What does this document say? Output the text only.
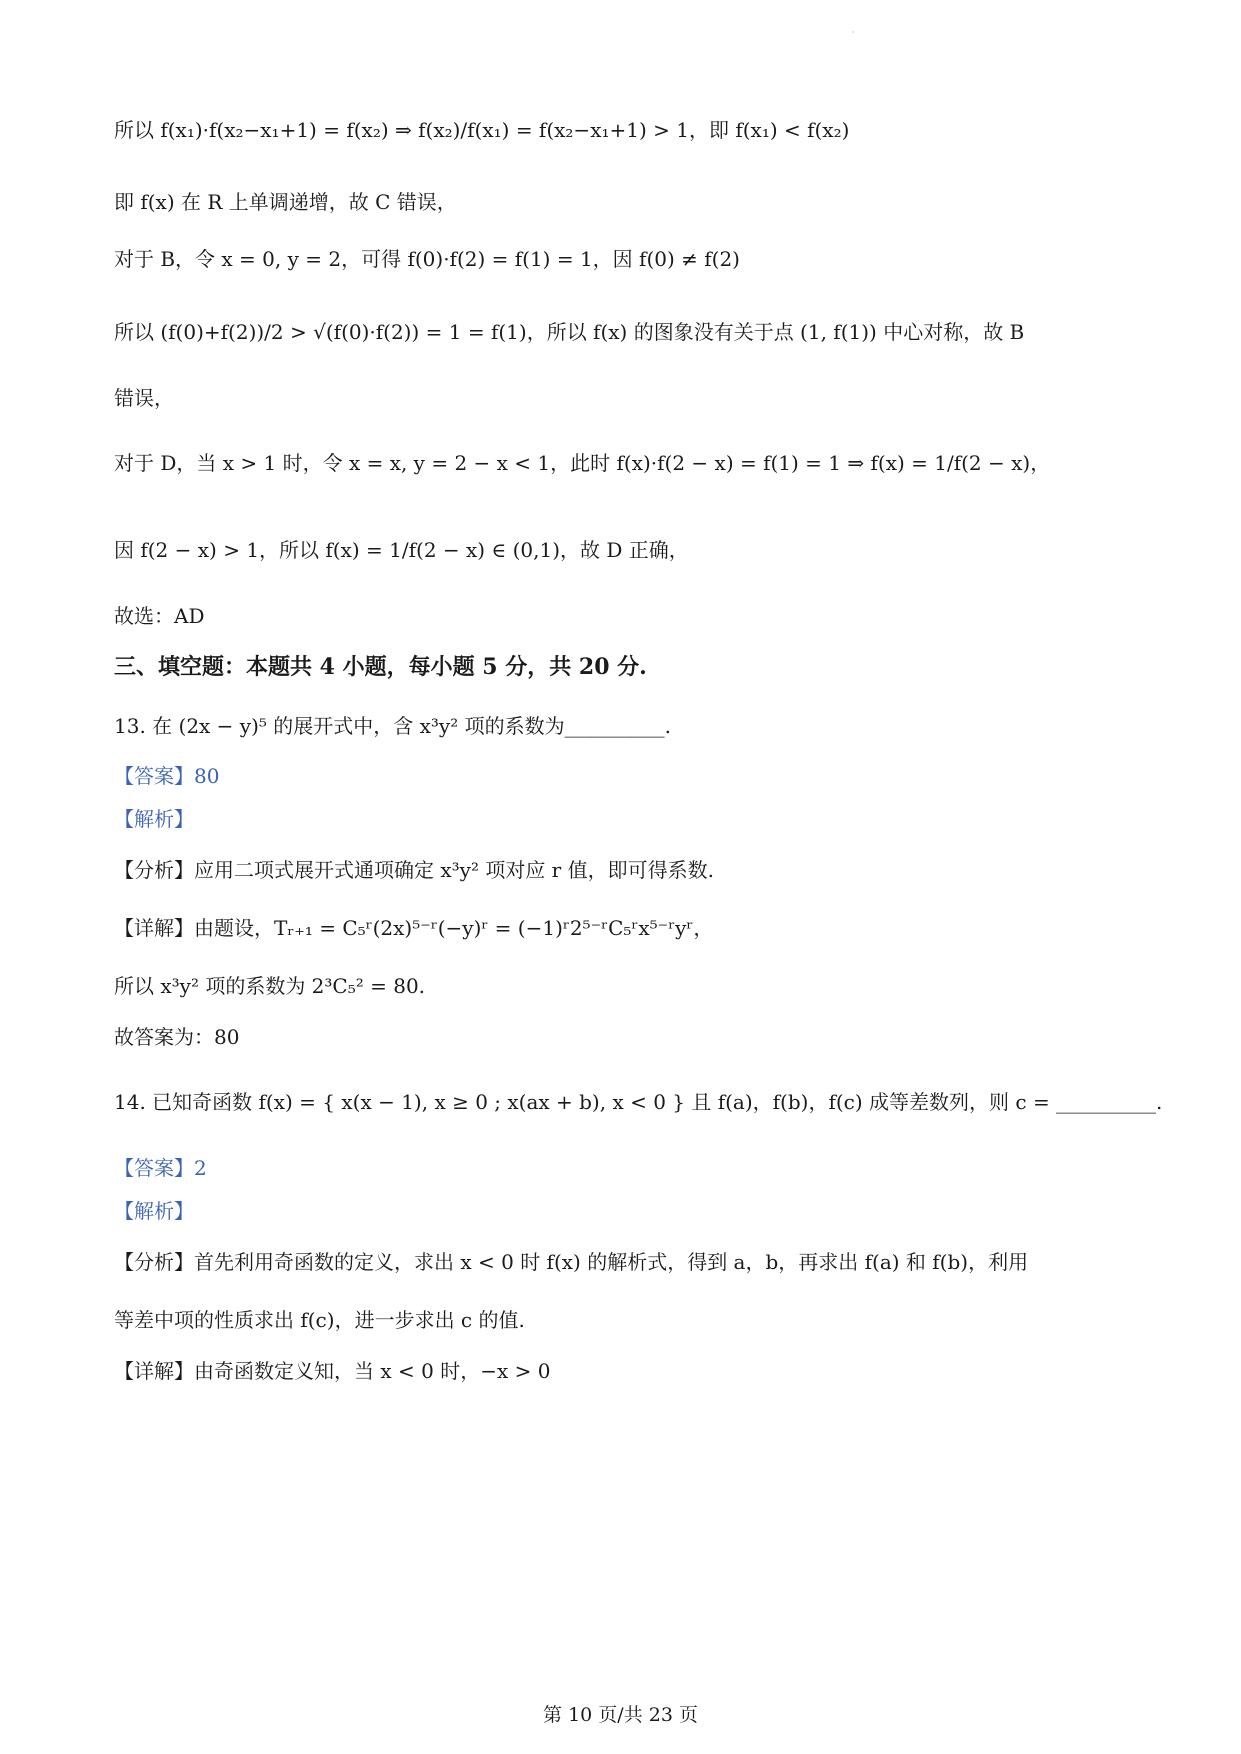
·
所以 f(x₁)·f(x₂−x₁+1) = f(x₂) ⇒ f(x₂)/f(x₁) = f(x₂−x₁+1) > 1，即 f(x₁) < f(x₂)
即 f(x) 在 R 上单调递增，故 C 错误，
对于 B，令 x = 0, y = 2，可得 f(0)·f(2) = f(1) = 1，因 f(0) ≠ f(2)
所以 (f(0)+f(2))/2 > √(f(0)·f(2)) = 1 = f(1)，所以 f(x) 的图象没有关于点 (1, f(1)) 中心对称，故 B
错误，
对于 D，当 x > 1 时，令 x = x, y = 2 − x < 1，此时 f(x)·f(2 − x) = f(1) = 1 ⇒ f(x) = 1/f(2 − x)，
因 f(2 − x) > 1，所以 f(x) = 1/f(2 − x) ∈ (0,1)，故 D 正确，
故选：AD
三、填空题：本题共 4 小题，每小题 5 分，共 20 分.
13. 在 (2x − y)⁵ 的展开式中，含 x³y² 项的系数为__________.
【答案】80
【解析】
【分析】应用二项式展开式通项确定 x³y² 项对应 r 值，即可得系数.
【详解】由题设，Tᵣ₊₁ = C₅ʳ(2x)⁵⁻ʳ(−y)ʳ = (−1)ʳ2⁵⁻ʳC₅ʳx⁵⁻ʳyʳ，
所以 x³y² 项的系数为 2³C₅² = 80.
故答案为：80
14. 已知奇函数 f(x) = { x(x − 1), x ≥ 0 ; x(ax + b), x < 0 } 且 f(a)，f(b)，f(c) 成等差数列，则 c = __________.
【答案】2
【解析】
【分析】首先利用奇函数的定义，求出 x < 0 时 f(x) 的解析式，得到 a，b，再求出 f(a) 和 f(b)，利用
等差中项的性质求出 f(c)，进一步求出 c 的值.
【详解】由奇函数定义知，当 x < 0 时，−x > 0
第 10 页/共 23 页
